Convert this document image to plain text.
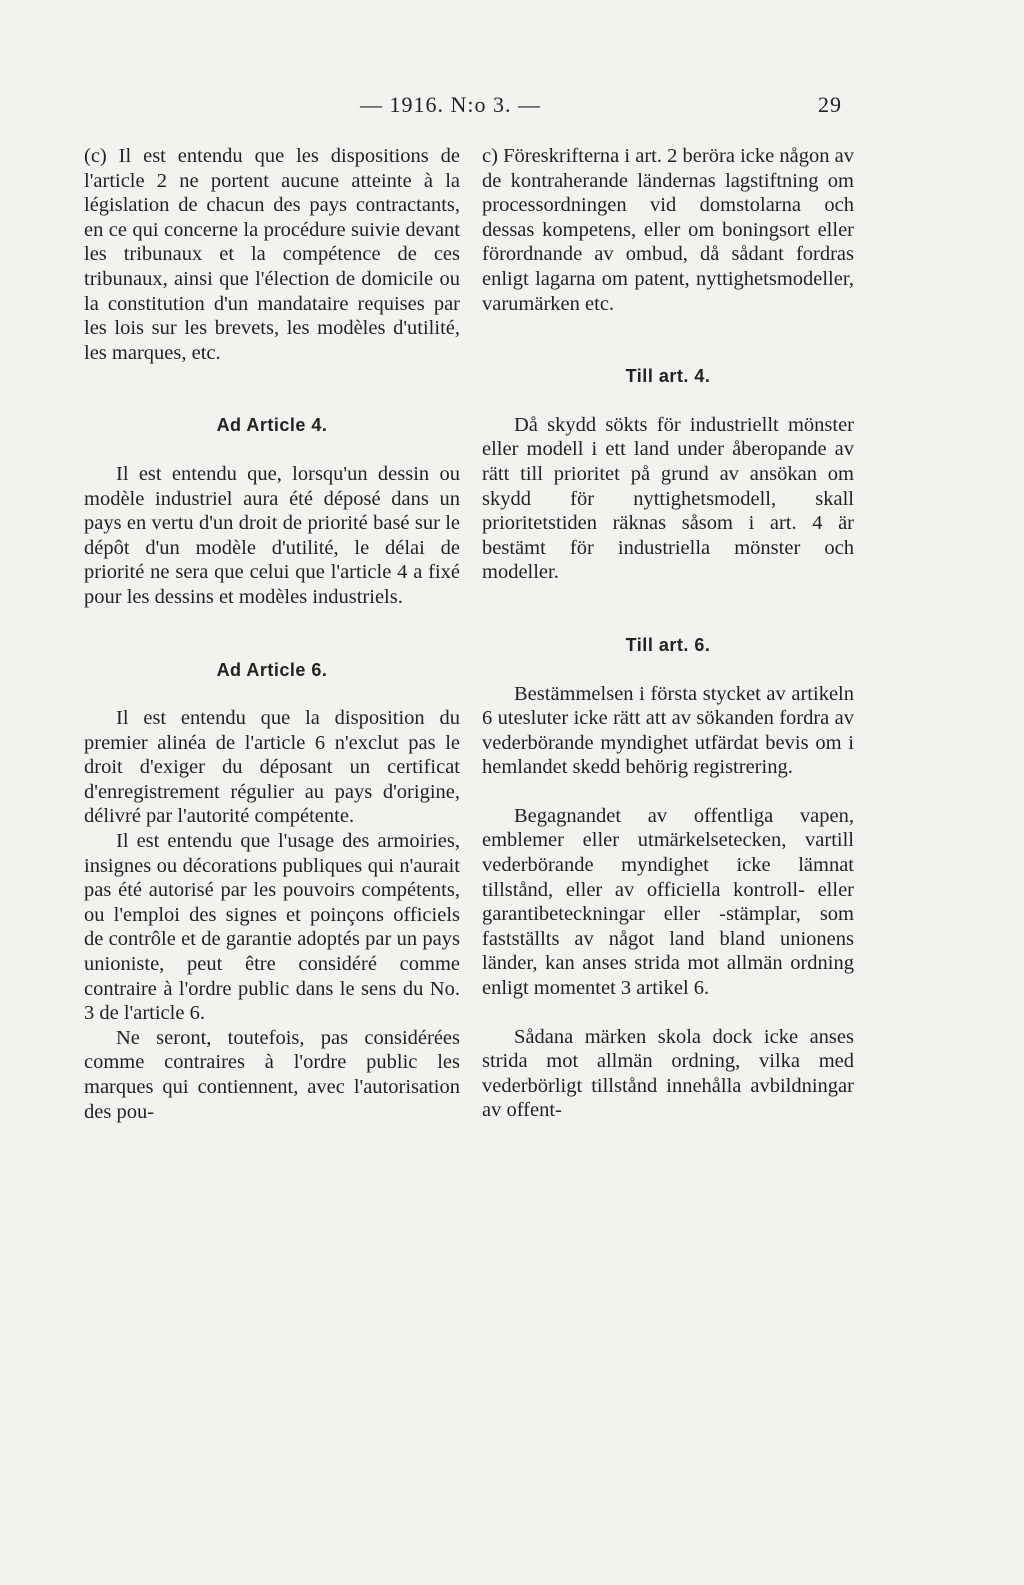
— 1916. N:o 3. —	29

(c) Il est entendu que les dispositions de l'article 2 ne portent aucune atteinte à la législation de chacun des pays contractants, en ce qui concerne la procédure suivie devant les tribunaux et la compétence de ces tribunaux, ainsi que l'élection de domicile ou la constitution d'un mandataire requises par les lois sur les brevets, les modèles d'utilité, les marques, etc.

Ad Article 4.

Il est entendu que, lorsqu'un dessin ou modèle industriel aura été déposé dans un pays en vertu d'un droit de priorité basé sur le dépôt d'un modèle d'utilité, le délai de priorité ne sera que celui que l'article 4 a fixé pour les dessins et modèles industriels.

Ad Article 6.

Il est entendu que la disposition du premier alinéa de l'article 6 n'exclut pas le droit d'exiger du déposant un certificat d'enregistrement régulier au pays d'origine, délivré par l'autorité compétente.

Il est entendu que l'usage des armoiries, insignes ou décorations publiques qui n'aurait pas été autorisé par les pouvoirs compétents, ou l'emploi des signes et poinçons officiels de contrôle et de garantie adoptés par un pays unioniste, peut être considéré comme contraire à l'ordre public dans le sens du No. 3 de l'article 6.

Ne seront, toutefois, pas considérées comme contraires à l'ordre public les marques qui contiennent, avec l'autorisation des pou-

c) Föreskrifterna i art. 2 beröra icke någon av de kontraherande ländernas lagstiftning om processordningen vid domstolarna och dessas kompetens, eller om boningsort eller förordnande av ombud, då sådant fordras enligt lagarna om patent, nyttighetsmodeller, varumärken etc.

Till art. 4.

Då skydd sökts för industriellt mönster eller modell i ett land under åberopande av rätt till prioritet på grund av ansökan om skydd för nyttighetsmodell, skall prioritetstiden räknas såsom i art. 4 är bestämt för industriella mönster och modeller.

Till art. 6.

Bestämmelsen i första stycket av artikeln 6 utesluter icke rätt att av sökanden fordra av vederbörande myndighet utfärdat bevis om i hemlandet skedd behörig registrering.

Begagnandet av offentliga vapen, emblemer eller utmärkelsetecken, vartill vederbörande myndighet icke lämnat tillstånd, eller av officiella kontroll- eller garantibeteckningar eller -stämplar, som fastställts av något land bland unionens länder, kan anses strida mot allmän ordning enligt momentet 3 artikel 6.

Sådana märken skola dock icke anses strida mot allmän ordning, vilka med vederbörligt tillstånd innehålla avbildningar av offent-
